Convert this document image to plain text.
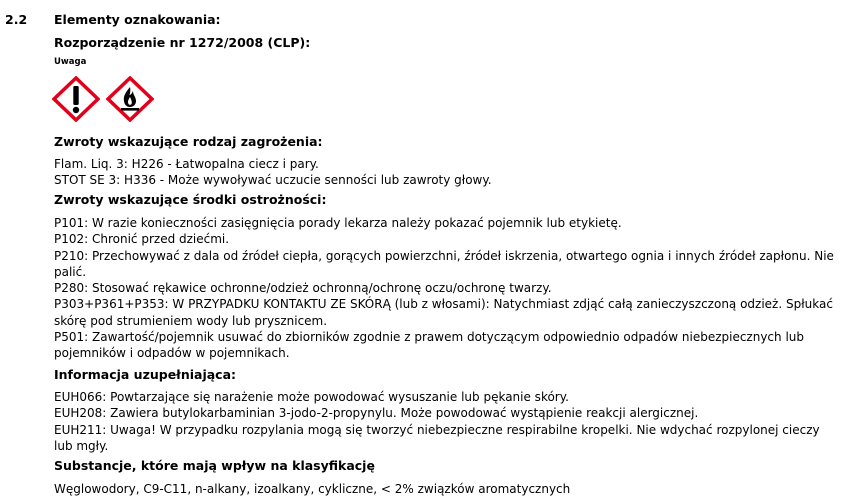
2.2 Elementy oznakowania:
Rozporządzenie nr 1272/2008 (CLP):
Uwaga
Zwroty wskazujące rodzaj zagrożenia:
Flam. Liq. 3: H226 - Łatwopalna ciecz i pary.
STOT SE 3: H336 - Może wywoływać uczucie senności lub zawroty głowy.
Zwroty wskazujące środki ostrożności:
P101: W razie konieczności zasięgnięcia porady lekarza należy pokazać pojemnik lub etykietę.
P102: Chronić przed dziećmi.
P210: Przechowywać z dala od źródeł ciepła, gorących powierzchni, źródeł iskrzenia, otwartego ognia i innych źródeł zapłonu. Nie palić.
P280: Stosować rękawice ochronne/odzież ochronną/ochronę oczu/ochronę twarzy.
P303+P361+P353: W PRZYPADKU KONTAKTU ZE SKÓRĄ (lub z włosami): Natychmiast zdjąć całą zanieczyszczoną odzież. Spłukać skórę pod strumieniem wody lub prysznicem.
P501: Zawartość/pojemnik usuwać do zbiorników zgodnie z prawem dotyczącym odpowiednio odpadów niebezpiecznych lub pojemników i odpadów w pojemnikach.
Informacja uzupełniająca:
EUH066: Powtarzające się narażenie może powodować wysuszanie lub pękanie skóry.
EUH208: Zawiera butylokarbaminian 3-jodo-2-propynylu. Może powodować wystąpienie reakcji alergicznej.
EUH211: Uwaga! W przypadku rozpylania mogą się tworzyć niebezpieczne respirabilne kropelki. Nie wdychać rozpylonej cieczy lub mgły.
Substancje, które mają wpływ na klasyfikację
Węglowodory, C9-C11, n-alkany, izoalkany, cykliczne, < 2% związków aromatycznych
